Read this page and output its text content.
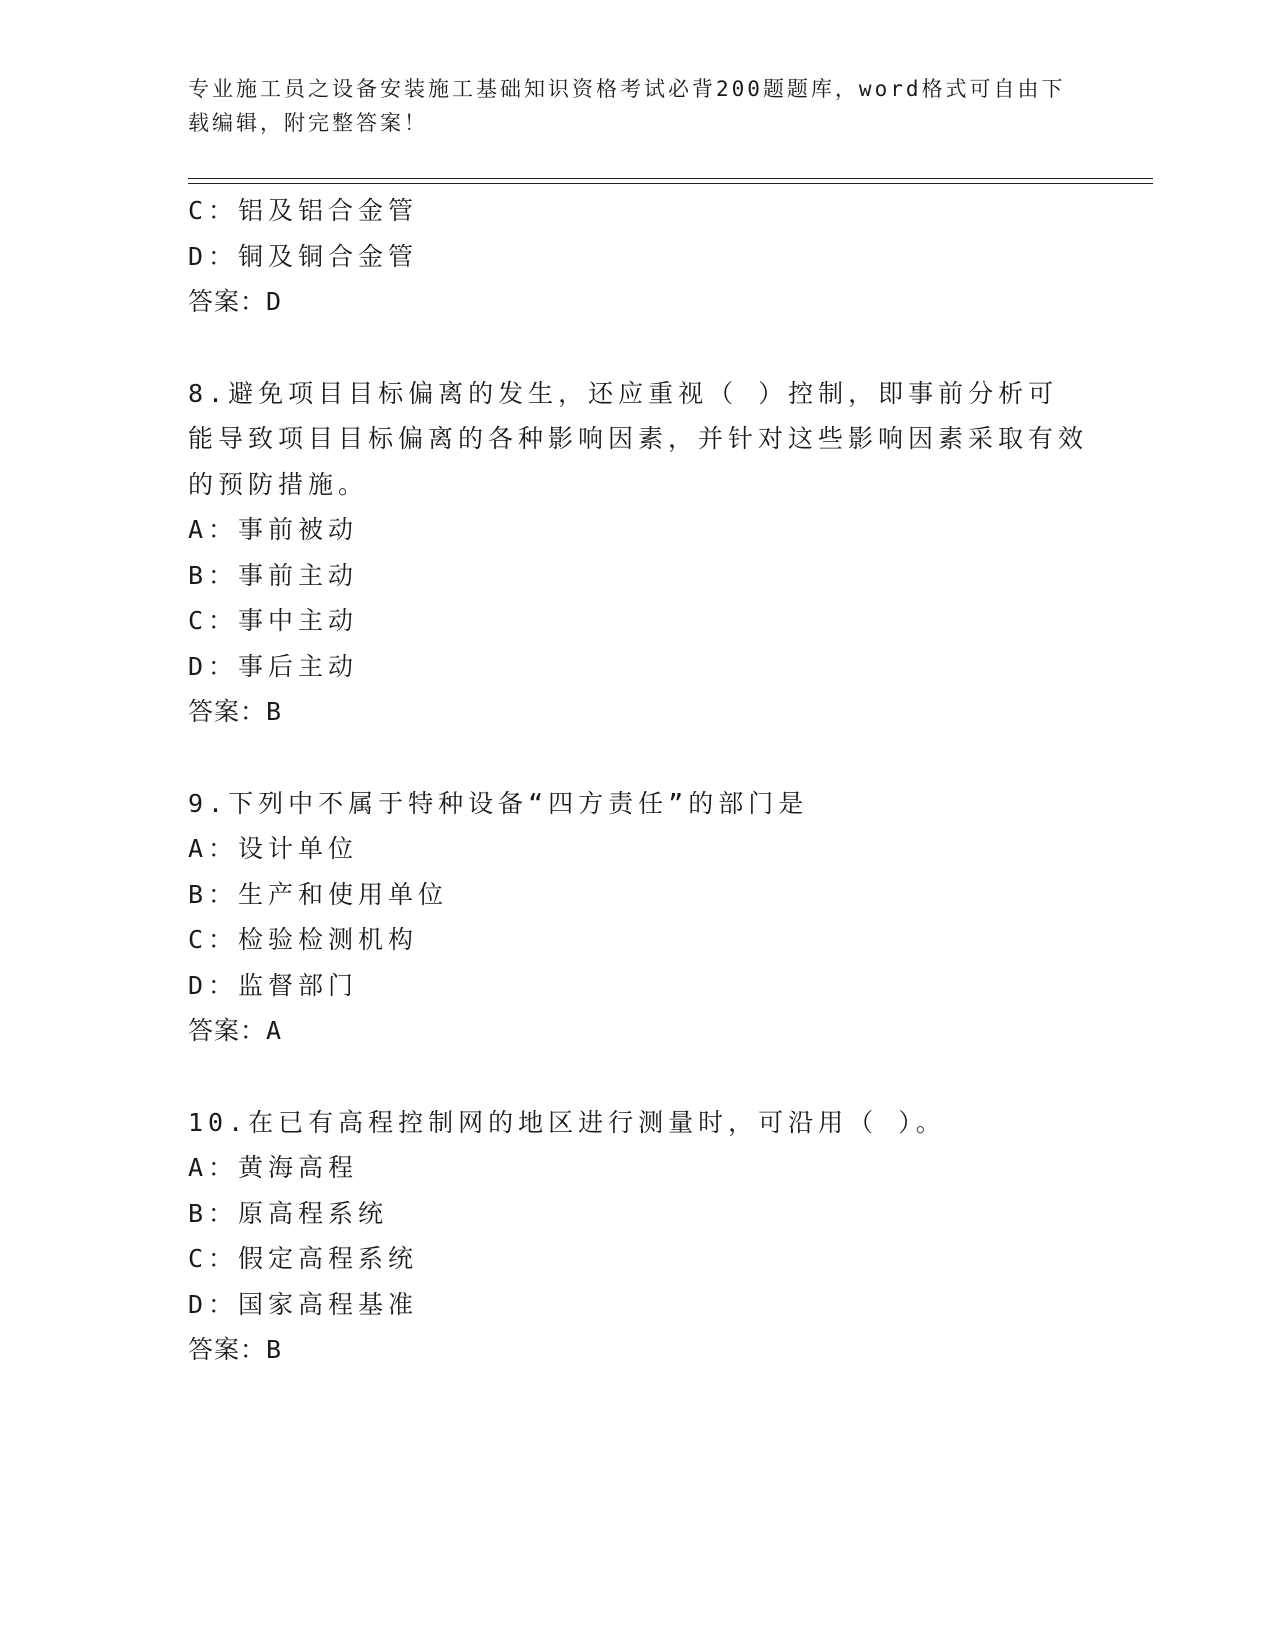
专业施工员之设备安装施工基础知识资格考试必背200题题库，word格式可自由下载编辑，附完整答案！
C：铝及铝合金管
D：铜及铜合金管
答案：D
8.避免项目目标偏离的发生，还应重视（ ）控制，即事前分析可能导致项目目标偏离的各种影响因素，并针对这些影响因素采取有效的预防措施。
A：事前被动
B：事前主动
C：事中主动
D：事后主动
答案：B
9.下列中不属于特种设备“四方责任”的部门是
A：设计单位
B：生产和使用单位
C：检验检测机构
D：监督部门
答案：A
10.在已有高程控制网的地区进行测量时，可沿用（ ）。
A：黄海高程
B：原高程系统
C：假定高程系统
D：国家高程基准
答案：B
